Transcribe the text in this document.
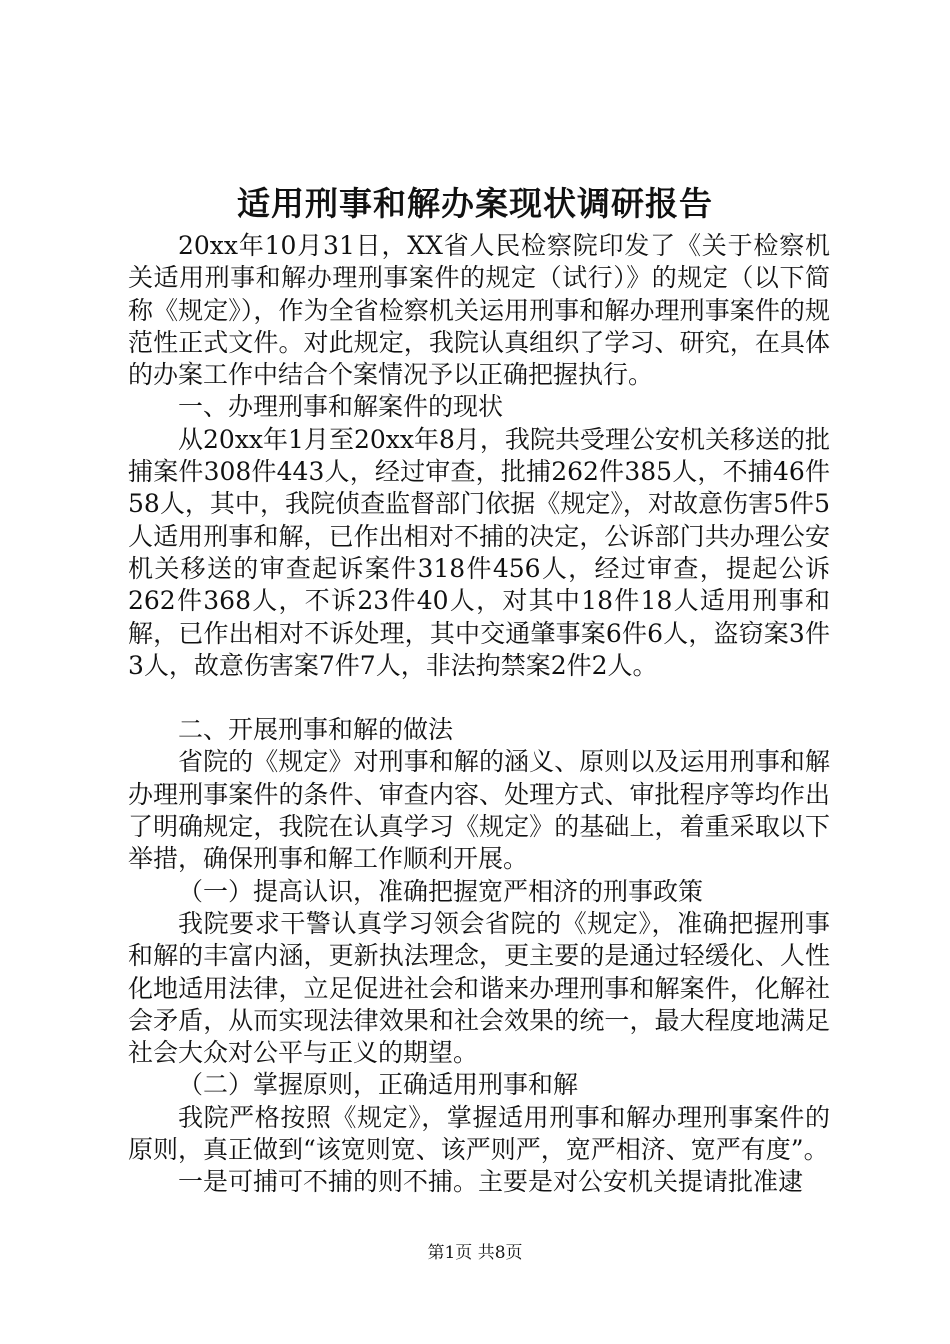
适用刑事和解办案现状调研报告

20xx年10月31日，XX省人民检察院印发了《关于检察机关适用刑事和解办理刑事案件的规定（试行）》的规定（以下简称《规定》），作为全省检察机关运用刑事和解办理刑事案件的规范性正式文件。对此规定，我院认真组织了学习、研究，在具体的办案工作中结合个案情况予以正确把握执行。

一、办理刑事和解案件的现状

从20xx年1月至20xx年8月，我院共受理公安机关移送的批捕案件308件443人，经过审查，批捕262件385人，不捕46件58人，其中，我院侦查监督部门依据《规定》，对故意伤害5件5人适用刑事和解，已作出相对不捕的决定，公诉部门共办理公安机关移送的审查起诉案件318件456人，经过审查，提起公诉262件368人，不诉23件40人，对其中18件18人适用刑事和解，已作出相对不诉处理，其中交通肇事案6件6人，盗窃案3件3人，故意伤害案7件7人，非法拘禁案2件2人。

二、开展刑事和解的做法

省院的《规定》对刑事和解的涵义、原则以及运用刑事和解办理刑事案件的条件、审查内容、处理方式、审批程序等均作出了明确规定，我院在认真学习《规定》的基础上，着重采取以下举措，确保刑事和解工作顺利开展。

（一）提高认识，准确把握宽严相济的刑事政策

我院要求干警认真学习领会省院的《规定》，准确把握刑事和解的丰富内涵，更新执法理念，更主要的是通过轻缓化、人性化地适用法律，立足促进社会和谐来办理刑事和解案件，化解社会矛盾，从而实现法律效果和社会效果的统一，最大程度地满足社会大众对公平与正义的期望。

（二）掌握原则，正确适用刑事和解

我院严格按照《规定》，掌握适用刑事和解办理刑事案件的原则，真正做到“该宽则宽、该严则严，宽严相济、宽严有度”。

一是可捕可不捕的则不捕。主要是对公安机关提请批准逮

第1页 共8页
